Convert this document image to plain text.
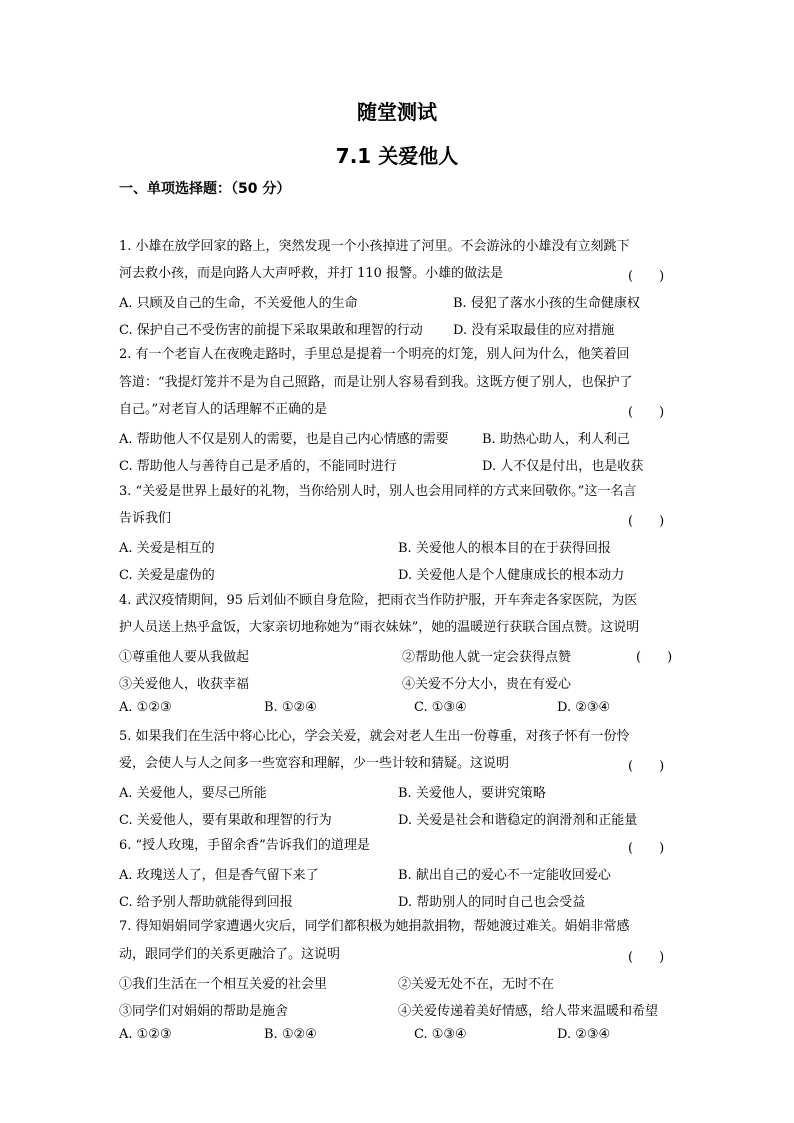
随堂测试
7.1 关爱他人
一、单项选择题：（50 分）
1. 小雄在放学回家的路上，突然发现一个小孩掉进了河里。不会游泳的小雄没有立刻跳下
河去救小孩，而是向路人大声呼救，并打 110 报警。小雄的做法是	(　　)
A. 只顾及自己的生命，不关爱他人的生命	B. 侵犯了落水小孩的生命健康权
C. 保护自己不受伤害的前提下采取果敢和理智的行动 D. 没有采取最佳的应对措施
2. 有一个老盲人在夜晚走路时，手里总是提着一个明亮的灯笼，别人问为什么，他笑着回
答道：“我提灯笼并不是为自己照路，而是让别人容易看到我。这既方便了别人，也保护了
自己。”对老盲人的话理解不正确的是	(　　)
A. 帮助他人不仅是别人的需要，也是自己内心情感的需要	B. 助热心助人，利人利己
C. 帮助他人与善待自己是矛盾的，不能同时进行	D. 人不仅是付出，也是收获
3. “关爱是世界上最好的礼物，当你给别人时，别人也会用同样的方式来回敬你。”这一名言
告诉我们	(　　)
A. 关爱是相互的	B. 关爱他人的根本目的在于获得回报
C. 关爱是虚伪的	D. 关爱他人是个人健康成长的根本动力
4. 武汉疫情期间，95 后刘仙不顾自身危险，把雨衣当作防护服，开车奔走各家医院，为医
护人员送上热乎盒饭，大家亲切地称她为“雨衣妹妹”，她的温暖逆行获联合国点赞。这说明
①尊重他人要从我做起	②帮助他人就一定会获得点赞	(　　)
③关爱他人，收获幸福	④关爱不分大小，贵在有爱心
A. ①②③	B. ①②④	C. ①③④	D. ②③④
5. 如果我们在生活中将心比心，学会关爱，就会对老人生出一份尊重，对孩子怀有一份怜
爱，会使人与人之间多一些宽容和理解，少一些计较和猜疑。这说明	(　　)
A. 关爱他人，要尽己所能	B. 关爱他人，要讲究策略
C. 关爱他人，要有果敢和理智的行为	D. 关爱是社会和谐稳定的润滑剂和正能量
6. “授人玫瑰，手留余香”告诉我们的道理是	(　　)
A. 玫瑰送人了，但是香气留下来了	B. 献出自己的爱心不一定能收回爱心
C. 给予别人帮助就能得到回报	D. 帮助别人的同时自己也会受益
7. 得知娟娟同学家遭遇火灾后，同学们都积极为她捐款捐物，帮她渡过难关。娟娟非常感
动，跟同学们的关系更融洽了。这说明	(　　)
①我们生活在一个相互关爱的社会里	②关爱无处不在，无时不在
③同学们对娟娟的帮助是施舍	④关爱传递着美好情感，给人带来温暖和希望
A. ①②③	B. ①②④	C. ①③④	D. ②③④
